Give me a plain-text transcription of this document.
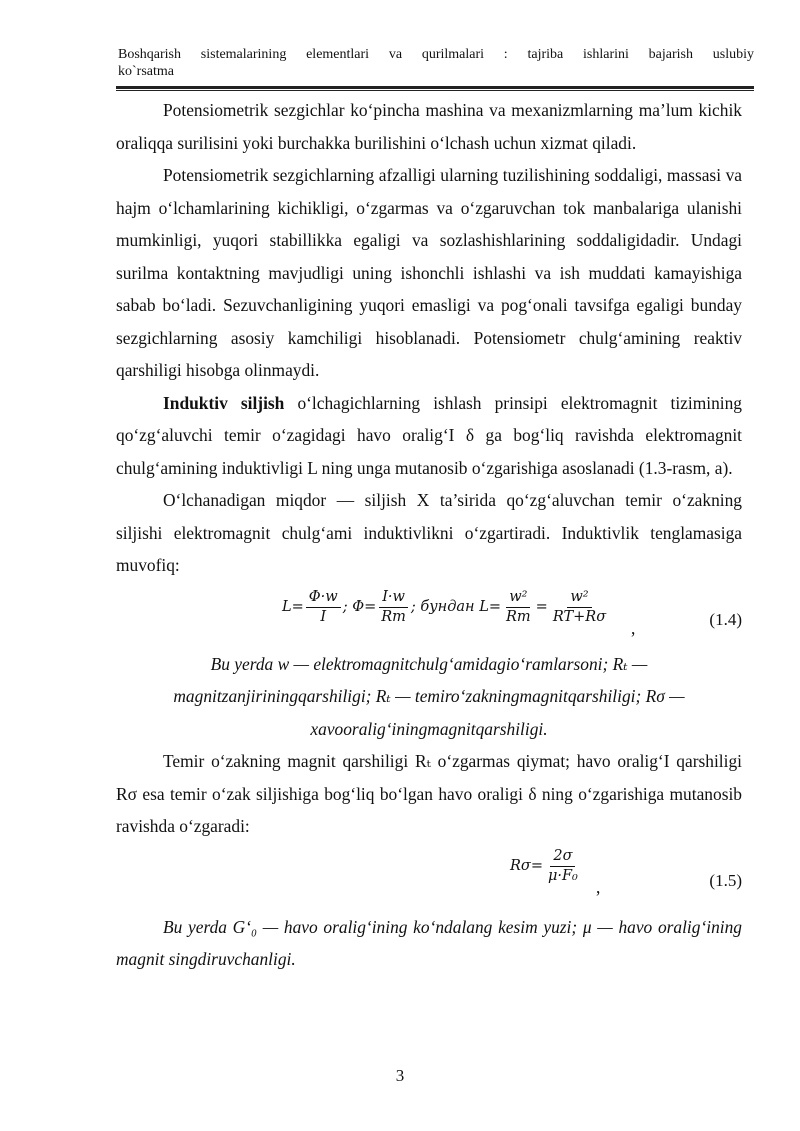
Boshqarish sistemalarining elementlari va qurilmalari : tajriba ishlarini bajarish uslubiy
ko`rsatma

Potensiometrik sezgichlar ko‘pincha mashina va mexanizmlarning ma’lum kichik oraliqqa surilisini yoki burchakka burilishini o‘lchash uchun xizmat qiladi.

Potensiometrik sezgichlarning afzalligi ularning tuzilishining soddaligi, massasi va hajm o‘lchamlarining kichikligi, o‘zgarmas va o‘zgaruvchan tok manbalariga ulanishi mumkinligi, yuqori stabillikka egaligi va sozlashishlarining soddaligidadir. Undagi surilma kontaktning mavjudligi uning ishonchli ishlashi va ish muddati kamayishiga sabab bo‘ladi. Sezuvchanligining yuqori emasligi va pog‘onali tavsifga egaligi bunday sezgichlarning asosiy kamchiligi hisoblanadi. Potensiometr chulg‘amining reaktiv qarshiligi hisobga olinmaydi.

Induktiv siljish o‘lchagichlarning ishlash prinsipi elektromagnit tizimining qo‘zg‘aluvchi temir o‘zagidagi havo oralig‘I δ ga bog‘liq ravishda elektromagnit chulg‘amining induktivligi L ning unga mutanosib o‘zgarishiga asoslanadi (1.3-rasm, a).

O‘lchanadigan miqdor — siljish X ta’sirida qo‘zg‘aluvchan temir o‘zakning siljishi elektromagnit chulg‘ami induktivlikni o‘zgartiradi. Induktivlik tenglamasiga muvofiq:

$L= \frac{\Phi\cdot w}{I}$ ; $\Phi= \frac{I\cdot w}{Rm}$ ; бундан $L= \frac{\text{w²}}{Rm} = \frac{\text{w²}}{RT+R\sigma}$
,	(1.4)

Bu yerda w — elektromagnitchulg‘amidagio‘ramlarsoni; Rₜ —

magnitzanjiriningqarshiligi; Rₜ — temiro‘zakningmagnitqarshiligi; Rσ —

xavooralig‘iningmagnitqarshiligi.

Temir o‘zakning magnit qarshiligi Rₜ o‘zgarmas qiymat; havo oralig‘I qarshiligi Rσ esa temir o‘zak siljishiga bog‘liq bo‘lgan havo oraligi δ ning o‘zgarishiga mutanosib ravishda o‘zgaradi:

$R\sigma= \frac{2\sigma}{\text{μ·F₀}}$
,	(1.5)

Bu yerda G‘₀ — havo oralig‘ining ko‘ndalang kesim yuzi; μ — havo oralig‘ining magnit singdiruvchanligi.

3
